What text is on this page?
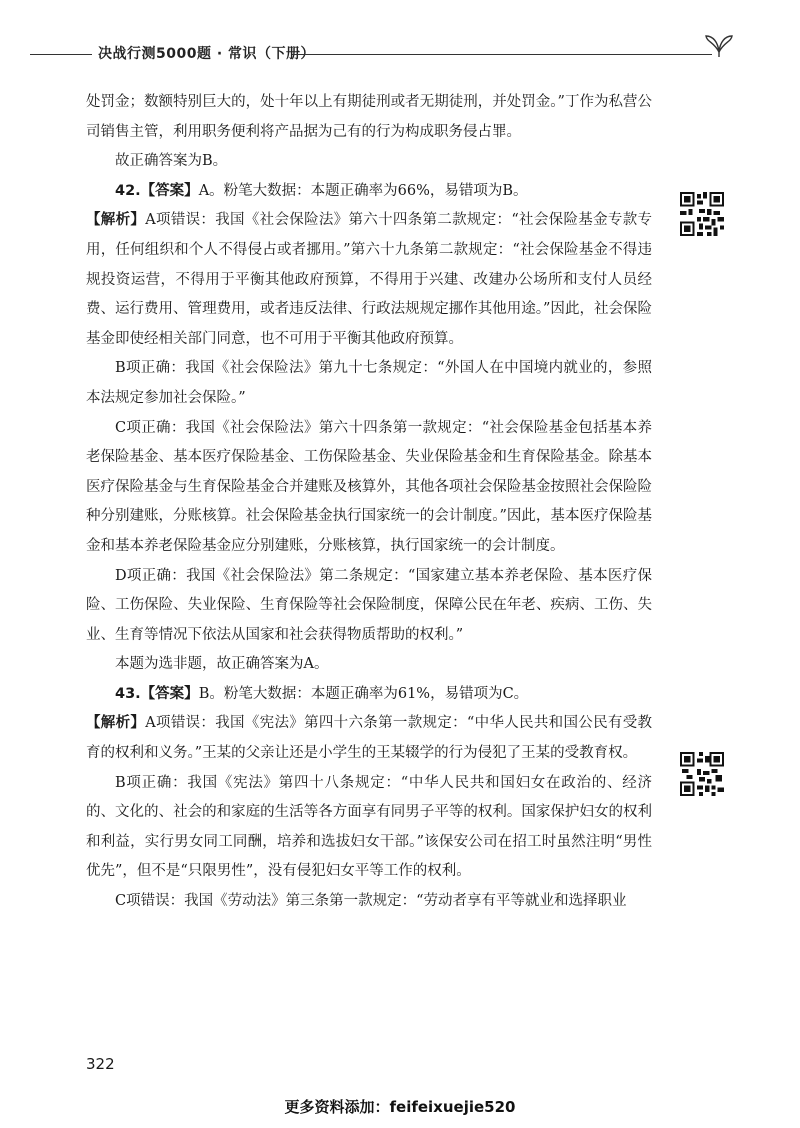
决战行测5000题 · 常识（下册）

处罚金；数额特别巨大的，处十年以上有期徒刑或者无期徒刑，并处罚金。”丁作为私营公司销售主管，利用职务便利将产品据为己有的行为构成职务侵占罪。

故正确答案为B。

42.【答案】A。粉笔大数据：本题正确率为66%，易错项为B。

【解析】A项错误：我国《社会保险法》第六十四条第二款规定：“社会保险基金专款专用，任何组织和个人不得侵占或者挪用。”第六十九条第二款规定：“社会保险基金不得违规投资运营，不得用于平衡其他政府预算，不得用于兴建、改建办公场所和支付人员经费、运行费用、管理费用，或者违反法律、行政法规规定挪作其他用途。”因此，社会保险基金即使经相关部门同意，也不可用于平衡其他政府预算。

B项正确：我国《社会保险法》第九十七条规定：“外国人在中国境内就业的，参照本法规定参加社会保险。”

C项正确：我国《社会保险法》第六十四条第一款规定：“社会保险基金包括基本养老保险基金、基本医疗保险基金、工伤保险基金、失业保险基金和生育保险基金。除基本医疗保险基金与生育保险基金合并建账及核算外，其他各项社会保险基金按照社会保险险种分别建账，分账核算。社会保险基金执行国家统一的会计制度。”因此，基本医疗保险基金和基本养老保险基金应分别建账，分账核算，执行国家统一的会计制度。

D项正确：我国《社会保险法》第二条规定：“国家建立基本养老保险、基本医疗保险、工伤保险、失业保险、生育保险等社会保险制度，保障公民在年老、疾病、工伤、失业、生育等情况下依法从国家和社会获得物质帮助的权利。”

本题为选非题，故正确答案为A。

43.【答案】B。粉笔大数据：本题正确率为61%，易错项为C。

【解析】A项错误：我国《宪法》第四十六条第一款规定：“中华人民共和国公民有受教育的权利和义务。”王某的父亲让还是小学生的王某辍学的行为侵犯了王某的受教育权。

B项正确：我国《宪法》第四十八条规定：“中华人民共和国妇女在政治的、经济的、文化的、社会的和家庭的生活等各方面享有同男子平等的权利。国家保护妇女的权利和利益，实行男女同工同酬，培养和选拔妇女干部。”该保安公司在招工时虽然注明“男性优先”，但不是“只限男性”，没有侵犯妇女平等工作的权利。

C项错误：我国《劳动法》第三条第一款规定：“劳动者享有平等就业和选择职业

322
更多资料添加：feifeixuejie520
